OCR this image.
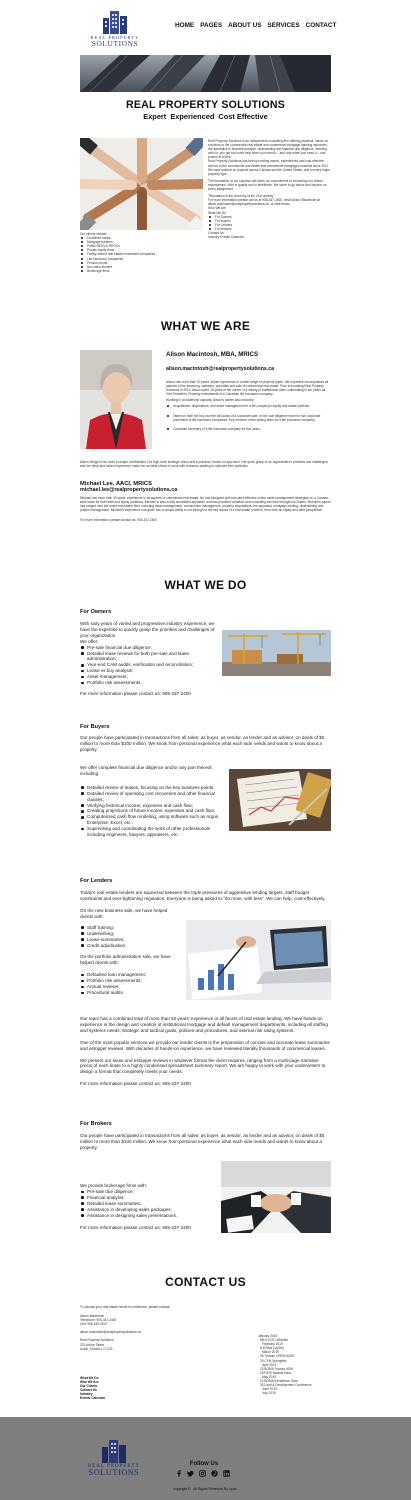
REAL PROPERTY
SOLUTIONS
HOME PAGES ABOUT US SERVICES CONTACT
REAL PROPERTY SOLUTIONS
Expert  Experienced  Cost Effective

Real Property Solutions is an independent consulting firm offering practical, hands-on solutions to the commercial real estate and commercial mortgage banking industries. We specialize in financial analysis, underwriting and financial due diligence. Working with us, you get top notch help when you need it – and only when you need it – one project at a time.

Real Property Solutions has been providing expert, experienced and cost-effective service to the commercial real estate and commercial mortgage industries since 2011. We have worked on projects across Canada and the United States, and in every major property type.

The foundation of our success has been our commitment to exceeding our clients' expectations, both in quality and in timeliness. We strive to go above and beyond on every assignment.

"Reputation is the currency of the 21st century"

For more information please call us at 905-337-2400, email Alison Macintosh at alison.macintosh@realpropertysolutions.ca, or click below.

Who We Are

What We Do

For Owners
For Buyers
For Lenders
For Brokers

Contact Us

Industry Events Calendar

Our clients include:

Chartered banks
Mortgage bankers
Public REITs & REOCs
Private equity firms
Family-owned real estate investment companies
Life insurance companies
Pension funds
Non-bank lenders
Brokerage firms
WHAT WE ARE
Alison Macintosh, MBA, MRICS
alison.macintosh@realpropertysolutions.ca

Alison has more than 30 years' senior experience in a wide range of property types. Her expertise encompasses all aspects of the financing, valuation, purchase and sale of commercial real estate. Prior to founding Real Property Solutions in 2011, Alison spent 18 years of her career in a variety of institutional roles, culminating in ten years as Vice President, Property Investments of a Canadian life insurance company.

Working in a leadership capacity, Alison's career also includes:

Acquisitions, dispositions, and asset management for a life company's equity real estate portfolio;
Taken on both the buy and the sell-sides of a corporate sale, on the due diligence team for two corporate purchases of life insurance companies. Key member of the selling team for a life insurance company;
Corporate secretary of a life insurance company for five years.
Alison brings to her work a unique combination of a high-level strategic vision and a practical, hands-on approach. Her quick grasp of an organization's priorities and challenges, and her deep and varied experience make her an ideal choice to work with investors seeking to optimize their portfolios.
Michael Lee, AACI, MRICS
michael.lee@realpropertysolutions.ca

Michael has more than 30 years' experience in all aspects of commercial real estate. He has designed and executed effective online asset management strategies on a Canada-wide basis for both debt and equity portfolios. Michael is also a fully accredited appraiser, and has provided valuation and consulting services throughout Ontario. Michael's career has ranged over the entire real estate field, including asset management, construction management, property acquisitions, fee appraisal, mortgage lending, underwriting and project management. Michael's experience has given him a unique ability to cut through to the key issues of a real estate problem, from both an equity and debt perspective.

For more information please contact us: 905-337-2400

WHAT WE DO
For Owners

With sixty years of varied and progressive industry experience, we have the expertise to quickly grasp the priorities and challenges of your organization.

We offer:

Pre-sale financial due diligence;
Detailed lease reviews for both pre-sale and lease administration;
Year-end CAM audits, verification and reconciliation;
Lease vs buy analysis;
Asset management;
Portfolio risk assessments.

For more information please contact us: 905-337-2400

For Buyers

Our people have participated in transactions from all sides: as buyer, as vendor, as lender and as advisor, on deals of $5 million to more than $100 million. We know from personal experience what each side needs and wants to know about a property.

We offer complete financial due diligence and/or any part thereof, including:

Detailed review of leases, focusing on the key business points;
Detailed review of operating cost recoveries and other financial clauses;
Verifying historical income, expenses and cash flow;
Creating projections of future income, expenses and cash flow;
Computerized cash flow modeling, using software such as Argus Enterprise, Excel, etc.;
Supervising and coordinating the work of other professionals including engineers, lawyers, appraisers, etc.
For Lenders

Today's real estate lenders are squeezed between the triple pressures of aggressive lending targets, staff budget constraints and ever-tightening regulation. Everyone is being asked to "do more, with less". We can help, cost-effectively.

On the new business side, we have helped clients with:

Staff training;
Underwriting;
Lease summaries;
Credit adjudication.

On the portfolio administration side, we have helped clients with:

Defaulted loan management;
Portfolio risk assessments;
Annual reviews;
Procedural audits.

Our team has a combined total of more than 50 years' experience in all facets of real estate lending. We have hands-on experience in the design and creation of institutional mortgage and default management departments, including all staffing and systems needs, strategic and tactical goals, policies and procedures, and internal risk rating systems.

One of the most popular services we provide our lender clients is the preparation of concise and accurate lease summaries and estoppel reviews. With decades of hands-on experience, we have reviewed literally thousands of commercial leases.

We present our lease and estoppel reviews in whatever format the client requires, ranging from a multi-page narrative précis of each lease to a highly condensed spreadsheet summary report. We are happy to work with your underwriters to design a format that completely meets your needs.

For more information please contact us: 905-337-2400

For Brokers

Our people have participated in transactions from all sides: as buyer, as vendor, as lender and as advisor, on deals of $5 million to more than $100 million. We know from personal experience what each side needs and wants to know about a property.

We provide brokerage firms with:

Pre-sale due diligence;
Financial analysis;
Detailed lease summaries;
Assistance in developing sales packages;
Assistance in designing sales presentations.

For more information please contact us: 905-337-2400

CONTACT US

To discuss your real estate needs in confidence, please contact:

Alison Macintosh

Telephone: 905-337-2400

Cell: 905-330-2870

alison.macintosh@realpropertysolutions.ca

Real Property Solutions

222 Arthur Street

Acton, Ontario L7J 0J9

What We Do

Who We Are

Our Clients

Contact Us

Industry

Events Calendar

January 2019

6th-9 ICSC Whistler

February 2019

6-8 Real Ca(Ste)

March 2019

26 Toronto CREW AGM

29 CFM Springfest

April 2019

23 BOMA Toronto AGM

25 REIS Awards Gala

May 2019

22 BOMA Excellence Gala

30 Land & Development Conference

June 2019

July 2019

REAL PROPERTY
SOLUTIONS
Follow Us
copyright ©   All Rights Reserved By Apon
